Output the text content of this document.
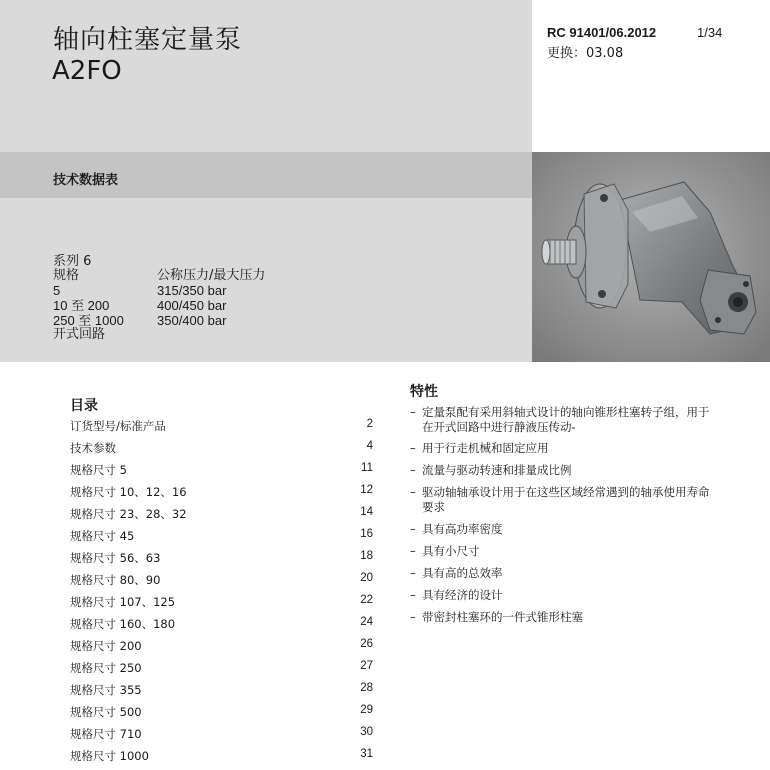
轴向柱塞定量泵
A2FO
RC 91401/06.2012	1/34
更换：03.08
技术数据表
系列 6
规格	公称压力/最大压力
5	315/350 bar
10 至 200	400/450 bar
250 至 1000	350/400 bar
开式回路
目录
订货型号/标准产品	2
技术参数	4
规格尺寸 5	11
规格尺寸 10、12、16	12
规格尺寸 23、28、32	14
规格尺寸 45	16
规格尺寸 56、63	18
规格尺寸 80、90	20
规格尺寸 107、125	22
规格尺寸 160、180	24
规格尺寸 200	26
规格尺寸 250	27
规格尺寸 355	28
规格尺寸 500	29
规格尺寸 710	30
规格尺寸 1000	31
特性
– 定量泵配有采用斜轴式设计的轴向锥形柱塞转子组，用于
在开式回路中进行静液压传动-
– 用于行走机械和固定应用
– 流量与驱动转速和排量成比例
– 驱动轴轴承设计用于在这些区域经常遇到的轴承使用寿命
要求
– 具有高功率密度
– 具有小尺寸
– 具有高的总效率
– 具有经济的设计
– 带密封柱塞环的一件式锥形柱塞
